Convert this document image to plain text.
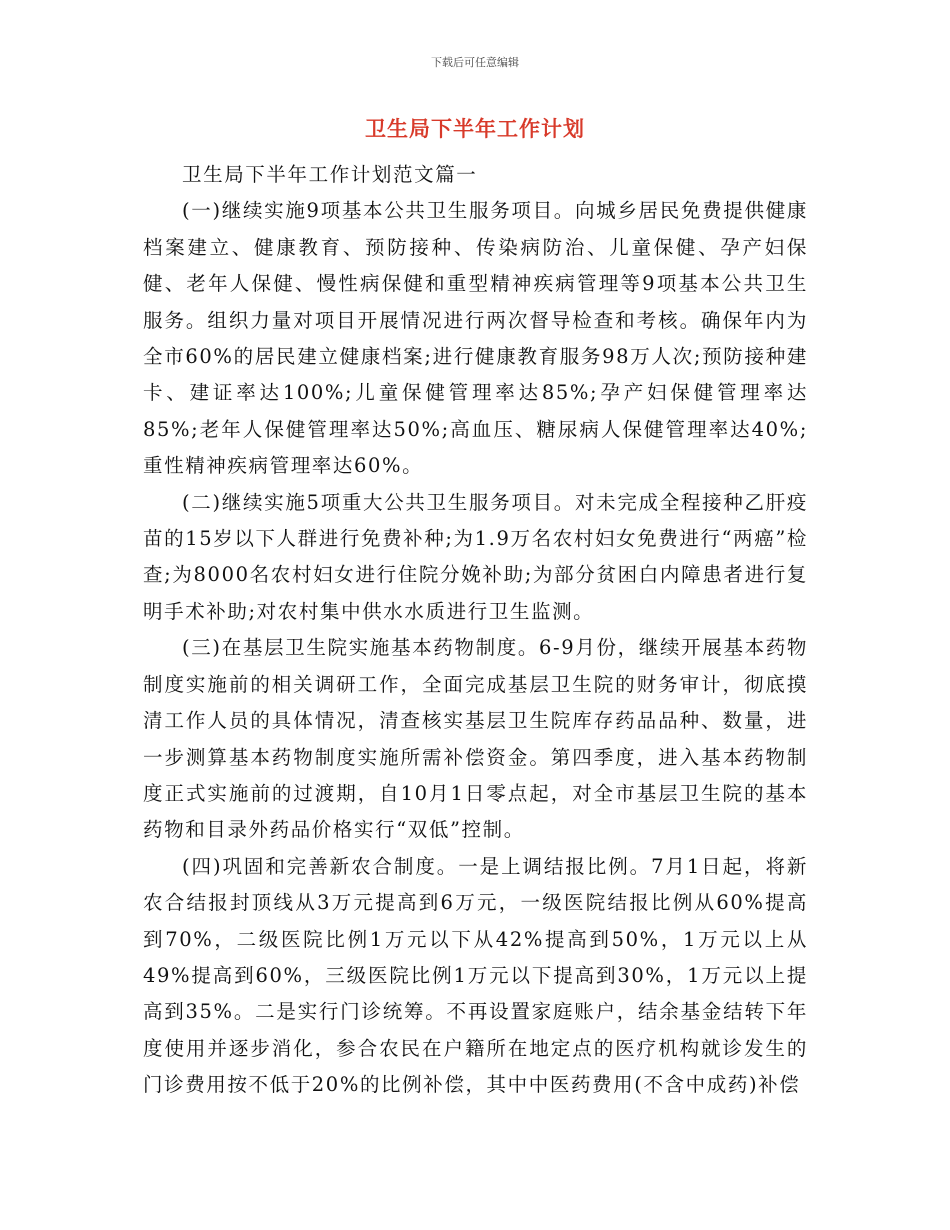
下载后可任意编辑
卫生局下半年工作计划

卫生局下半年工作计划范文篇一

(一)继续实施9项基本公共卫生服务项目。向城乡居民免费提供健康档案建立、健康教育、预防接种、传染病防治、儿童保健、孕产妇保健、老年人保健、慢性病保健和重型精神疾病管理等9项基本公共卫生服务。组织力量对项目开展情况进行两次督导检查和考核。确保年内为全市60%的居民建立健康档案;进行健康教育服务98万人次;预防接种建卡、建证率达100%;儿童保健管理率达85%;孕产妇保健管理率达85%;老年人保健管理率达50%;高血压、糖尿病人保健管理率达40%;重性精神疾病管理率达60%。

(二)继续实施5项重大公共卫生服务项目。对未完成全程接种乙肝疫苗的15岁以下人群进行免费补种;为1.9万名农村妇女免费进行“两癌”检查;为8000名农村妇女进行住院分娩补助;为部分贫困白内障患者进行复明手术补助;对农村集中供水水质进行卫生监测。

(三)在基层卫生院实施基本药物制度。6-9月份，继续开展基本药物制度实施前的相关调研工作，全面完成基层卫生院的财务审计，彻底摸清工作人员的具体情况，清查核实基层卫生院库存药品品种、数量，进一步测算基本药物制度实施所需补偿资金。第四季度，进入基本药物制度正式实施前的过渡期，自10月1日零点起，对全市基层卫生院的基本药物和目录外药品价格实行“双低”控制。

(四)巩固和完善新农合制度。一是上调结报比例。7月1日起，将新农合结报封顶线从3万元提高到6万元，一级医院结报比例从60%提高到70%，二级医院比例1万元以下从42%提高到50%，1万元以上从49%提高到60%，三级医院比例1万元以下提高到30%，1万元以上提高到35%。二是实行门诊统筹。不再设置家庭账户，结余基金结转下年度使用并逐步消化，参合农民在户籍所在地定点的医疗机构就诊发生的门诊费用按不低于20%的比例补偿，其中中医药费用(不含中成药)补偿
